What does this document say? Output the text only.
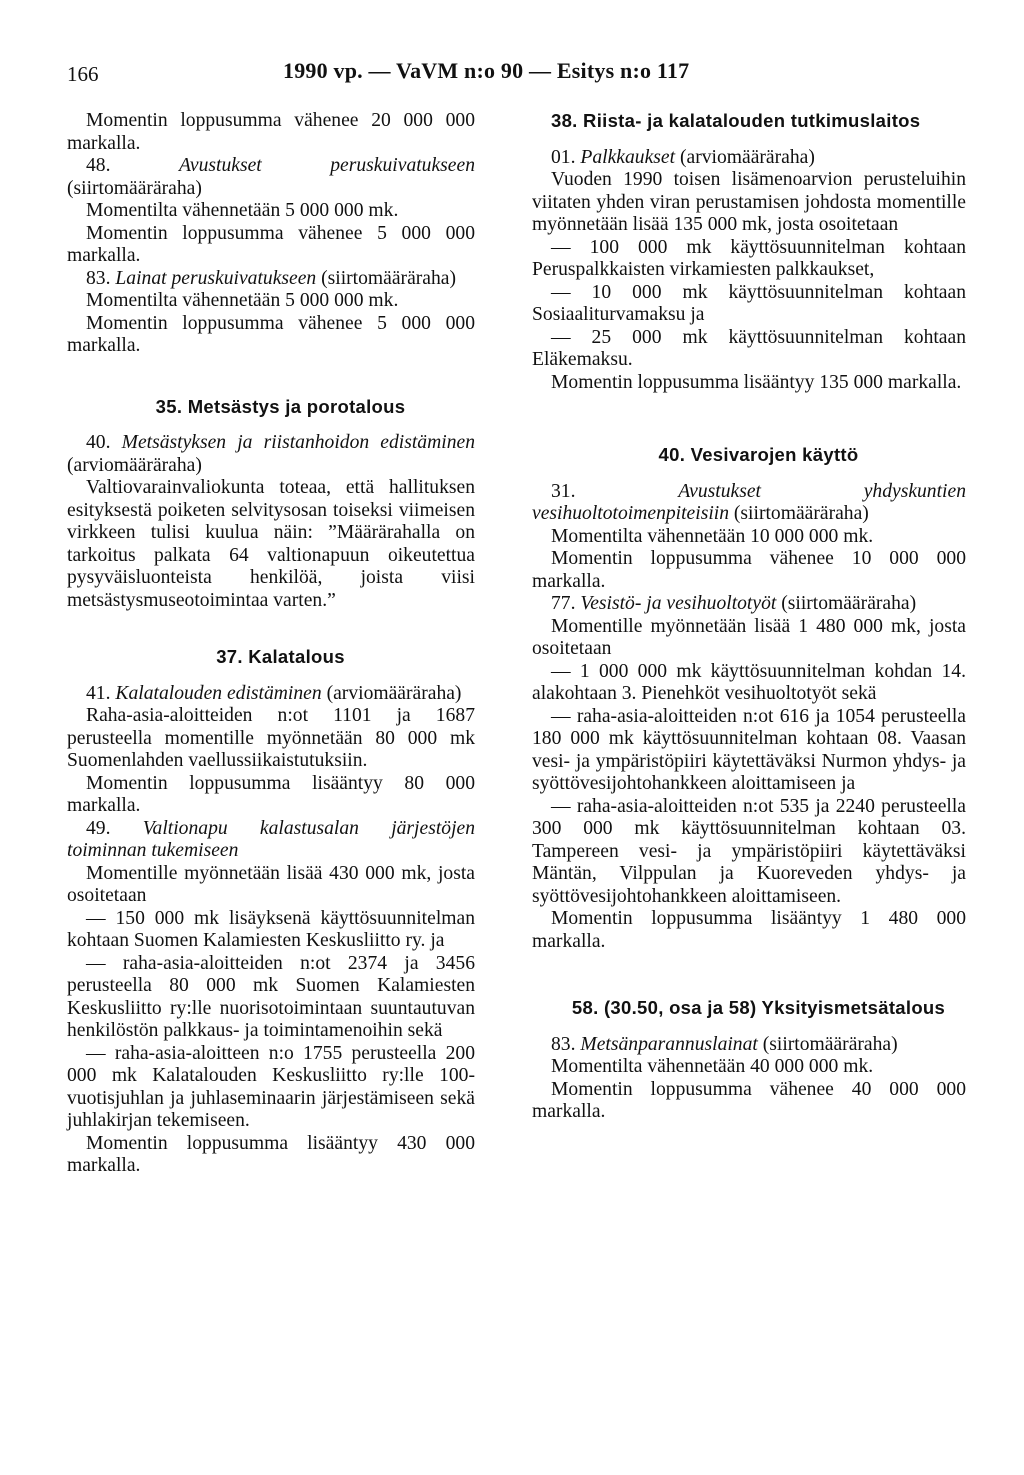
166	1990 vp. — VaVM n:o 90 — Esitys n:o 117

Momentin loppusumma vähenee 20 000 000 markalla.

48.	Avustukset peruskuivatukseen (siirtomääräraha)

Momentilta vähennetään 5 000 000 mk.

Momentin loppusumma vähenee 5 000 000 markalla.

83. Lainat peruskuivatukseen (siirtomääräraha)

Momentilta vähennetään 5 000 000 mk.

Momentin loppusumma vähenee 5 000 000 markalla.

35. Metsästys ja porotalous

40. Metsästyksen ja riistanhoidon edistäminen (arviomääräraha)

Valtiovarainvaliokunta toteaa, että hallituksen esityksestä poiketen selvitysosan toiseksi viimeisen virkkeen tulisi kuulua näin: ”Määrärahalla on tarkoitus palkata 64 valtionapuun oikeutettua pysyväisluonteista henkilöä, joista viisi metsästysmuseotoimintaa varten.”

37. Kalatalous

41. Kalatalouden edistäminen (arviomääräraha)

Raha-asia-aloitteiden n:ot 1101 ja 1687 perusteella momentille myönnetään 80 000 mk Suomenlahden vaellussiikaistutuksiin.

Momentin loppusumma lisääntyy 80 000 markalla.

49. Valtionapu kalastusalan järjestöjen toiminnan tukemiseen

Momentille myönnetään lisää 430 000 mk, josta osoitetaan

— 150 000 mk lisäyksenä käyttösuunnitelman kohtaan Suomen Kalamiesten Keskusliitto ry. ja

— raha-asia-aloitteiden n:ot 2374 ja 3456 perusteella 80 000 mk Suomen Kalamiesten Keskusliitto ry:lle nuorisotoimintaan suuntautuvan henkilöstön palkkaus- ja toimintamenoihin sekä

— raha-asia-aloitteen n:o 1755 perusteella 200 000 mk Kalatalouden Keskusliitto ry:lle 100-vuotisjuhlan ja juhlaseminaarin järjestämiseen sekä juhlakirjan tekemiseen.

Momentin loppusumma lisääntyy 430 000 markalla.

38. Riista- ja kalatalouden tutkimuslaitos

01. Palkkaukset (arviomääräraha)

Vuoden 1990 toisen lisämenoarvion perusteluihin viitaten yhden viran perustamisen johdosta momentille myönnetään lisää 135 000 mk, josta osoitetaan

— 100 000 mk käyttösuunnitelman kohtaan Peruspalkkaisten virkamiesten palkkaukset,

— 10 000 mk käyttösuunnitelman kohtaan Sosiaaliturvamaksu ja

— 25 000 mk käyttösuunnitelman kohtaan Eläkemaksu.

Momentin loppusumma lisääntyy 135 000 markalla.

40. Vesivarojen käyttö

31.	Avustukset yhdyskuntien vesihuoltotoimenpiteisiin (siirtomääräraha)

Momentilta vähennetään 10 000 000 mk.

Momentin loppusumma vähenee 10 000 000 markalla.

77. Vesistö- ja vesihuoltotyöt (siirtomääräraha)

Momentille myönnetään lisää 1 480 000 mk, josta osoitetaan

— 1 000 000 mk käyttösuunnitelman kohdan 14. alakohtaan 3. Pienehköt vesihuoltotyöt sekä

— raha-asia-aloitteiden n:ot 616 ja 1054 perusteella 180 000 mk käyttösuunnitelman kohtaan 08. Vaasan vesi- ja ympäristöpiiri käytettäväksi Nurmon yhdys- ja syöttövesijohtohankkeen aloittamiseen ja

— raha-asia-aloitteiden n:ot 535 ja 2240 perusteella 300 000 mk käyttösuunnitelman kohtaan 03. Tampereen vesi- ja ympäristöpiiri käytettäväksi Mäntän, Vilppulan ja Kuoreveden yhdys- ja syöttövesijohtohankkeen aloittamiseen.

Momentin loppusumma lisääntyy 1 480 000 markalla.

58. (30.50, osa ja 58) Yksityismetsätalous

83. Metsänparannuslainat (siirtomääräraha)

Momentilta vähennetään 40 000 000 mk.

Momentin loppusumma vähenee 40 000 000 markalla.
